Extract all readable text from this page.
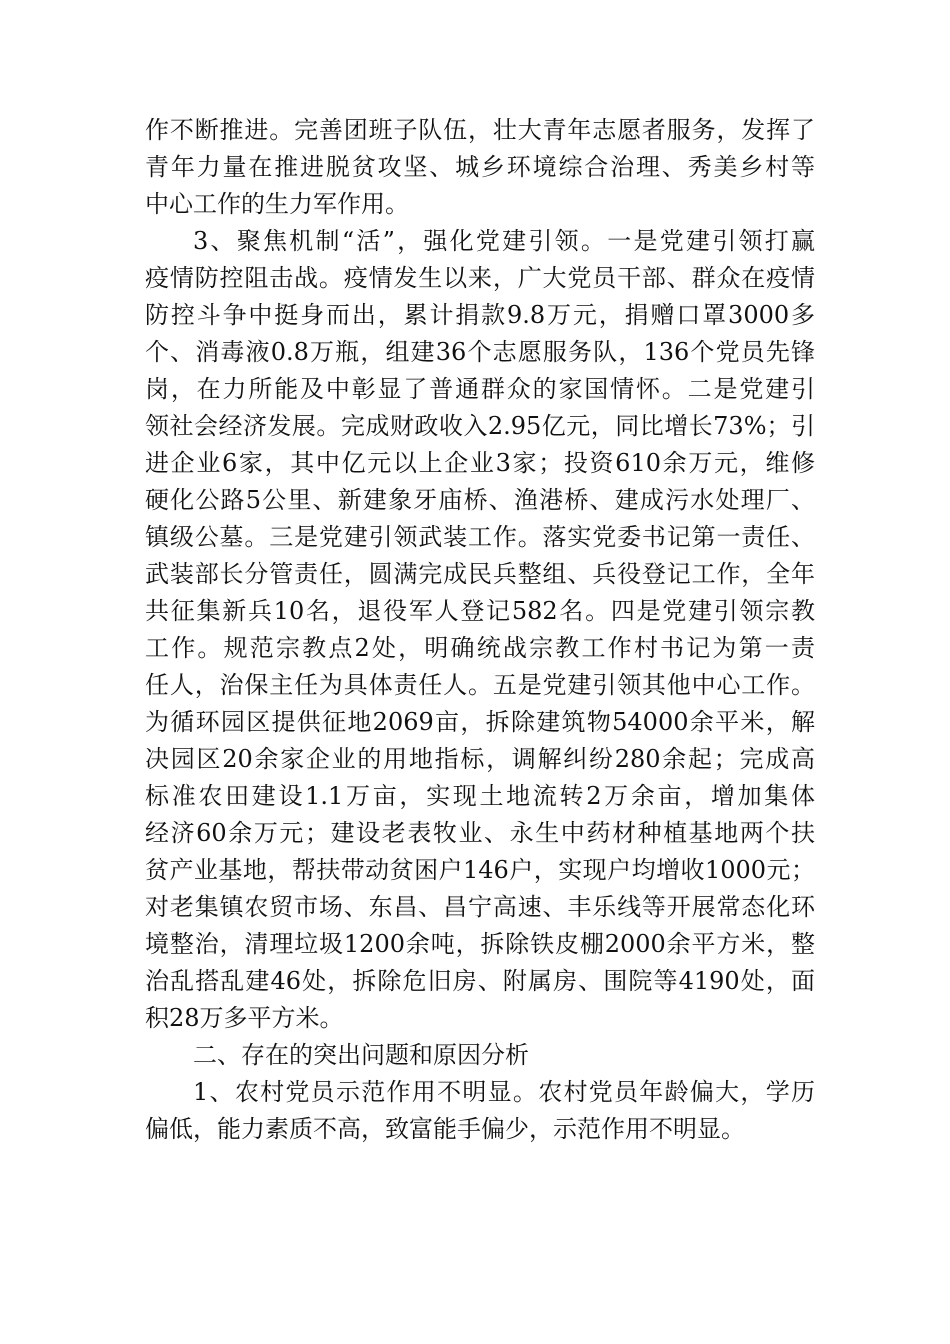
作不断推进。完善团班子队伍，壮大青年志愿者服务，发挥了
青年力量在推进脱贫攻坚、城乡环境综合治理、秀美乡村等
中心工作的生力军作用。
3、聚焦机制“活”，强化党建引领。一是党建引领打赢
疫情防控阻击战。疫情发生以来，广大党员干部、群众在疫情
防控斗争中挺身而出，累计捐款9.8万元，捐赠口罩3000多
个、消毒液0.8万瓶，组建36个志愿服务队，136个党员先锋
岗，在力所能及中彰显了普通群众的家国情怀。二是党建引
领社会经济发展。完成财政收入2.95亿元，同比增长73%；引
进企业6家，其中亿元以上企业3家；投资610余万元，维修
硬化公路5公里、新建象牙庙桥、渔港桥、建成污水处理厂、
镇级公墓。三是党建引领武装工作。落实党委书记第一责任、
武装部长分管责任，圆满完成民兵整组、兵役登记工作，全年
共征集新兵10名，退役军人登记582名。四是党建引领宗教
工作。规范宗教点2处，明确统战宗教工作村书记为第一责
任人，治保主任为具体责任人。五是党建引领其他中心工作。
为循环园区提供征地2069亩，拆除建筑物54000余平米，解
决园区20余家企业的用地指标，调解纠纷280余起；完成高
标准农田建设1.1万亩，实现土地流转2万余亩，增加集体
经济60余万元；建设老表牧业、永生中药材种植基地两个扶
贫产业基地，帮扶带动贫困户146户，实现户均增收1000元；
对老集镇农贸市场、东昌、昌宁高速、丰乐线等开展常态化环
境整治，清理垃圾1200余吨，拆除铁皮棚2000余平方米，整
治乱搭乱建46处，拆除危旧房、附属房、围院等4190处，面
积28万多平方米。
二、存在的突出问题和原因分析
1、农村党员示范作用不明显。农村党员年龄偏大，学历
偏低，能力素质不高，致富能手偏少，示范作用不明显。
